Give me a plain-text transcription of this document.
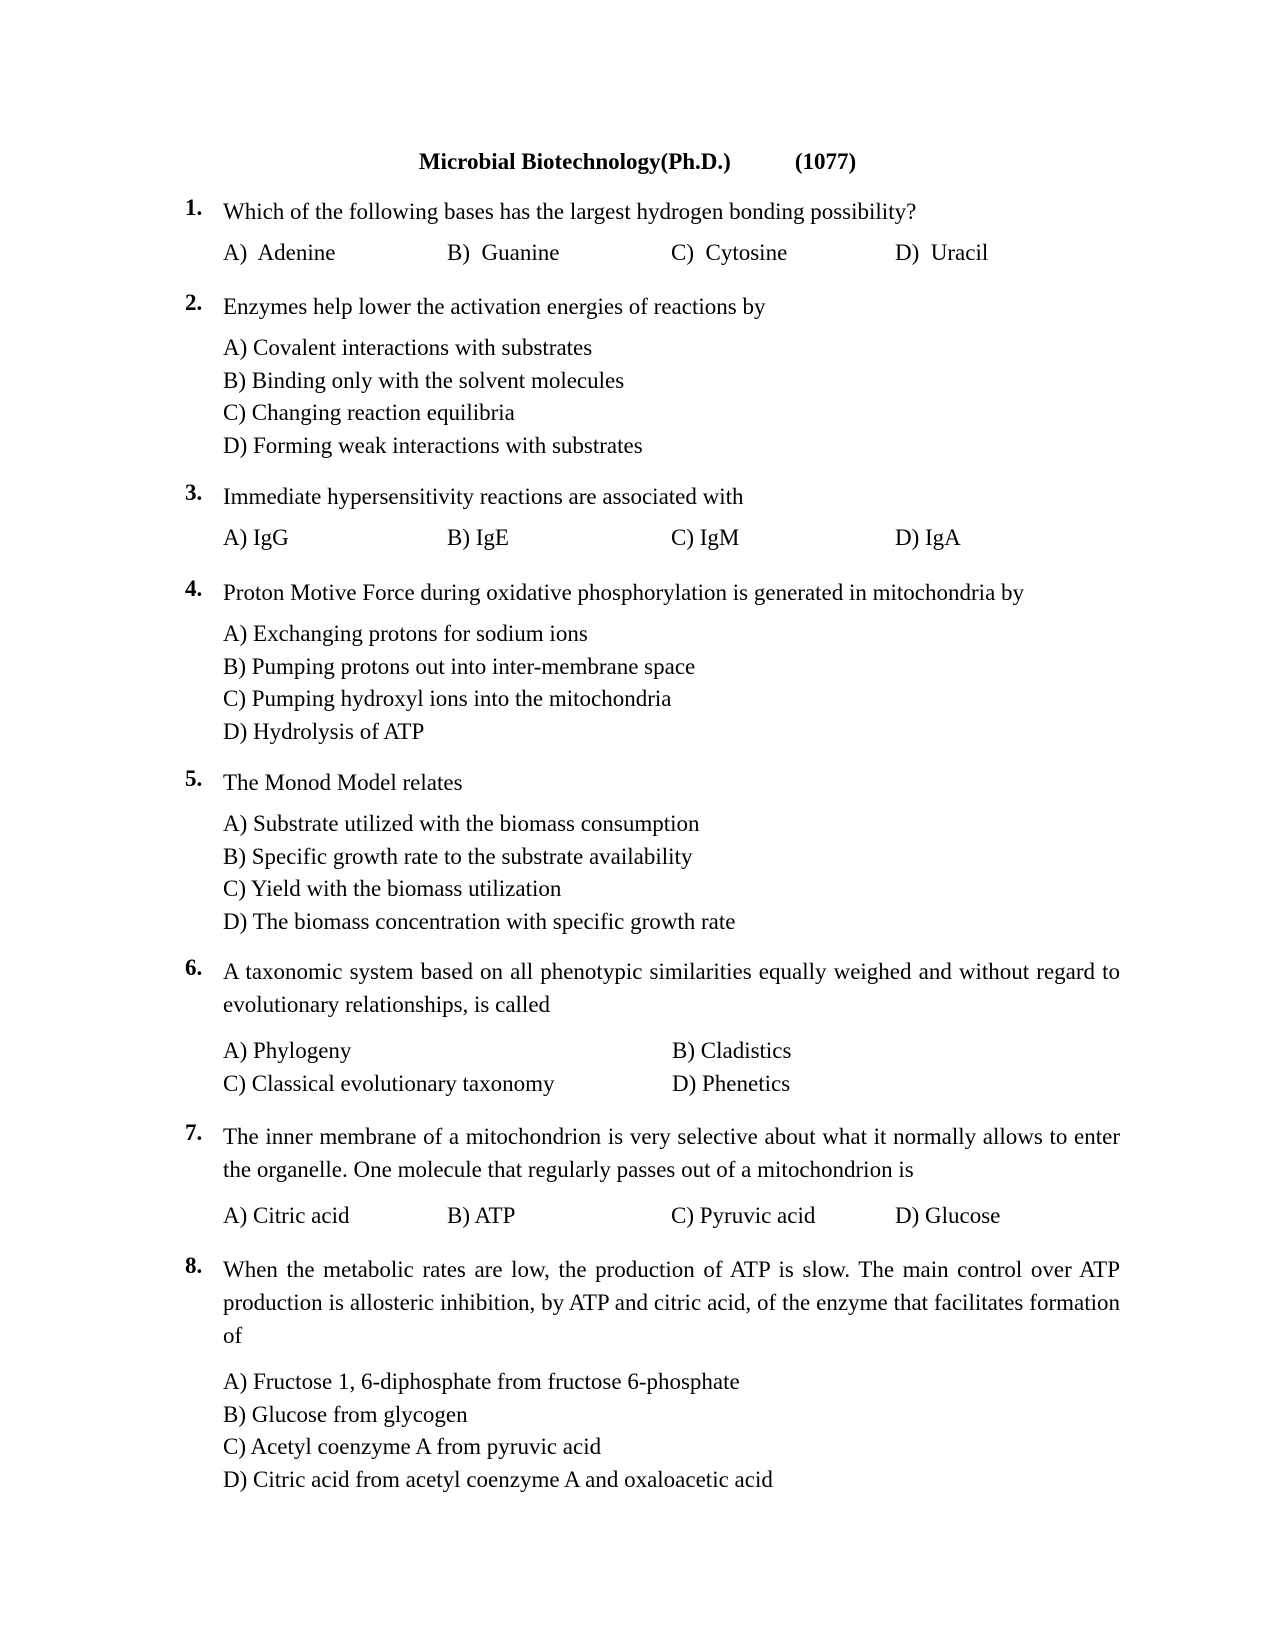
Microbial Biotechnology(Ph.D.)	(1077)
1. Which of the following bases has the largest hydrogen bonding possibility?
A)  Adenine	B)  Guanine	C)  Cytosine	D)  Uracil
2. Enzymes help lower the activation energies of reactions by
A) Covalent interactions with substrates
B) Binding only with the solvent molecules
C) Changing reaction equilibria
D) Forming weak interactions with substrates
3. Immediate hypersensitivity reactions are associated with
A) IgG	B) IgE	C) IgM	D) IgA
4. Proton Motive Force during oxidative phosphorylation is generated in mitochondria by
A) Exchanging protons for sodium ions
B) Pumping protons out into inter-membrane space
C) Pumping hydroxyl ions into the mitochondria
D) Hydrolysis of ATP
5. The Monod Model relates
A) Substrate utilized with the biomass consumption
B) Specific growth rate to the substrate availability
C) Yield with the biomass utilization
D) The biomass concentration with specific growth rate
6. A taxonomic system based on all phenotypic similarities equally weighed and without regard to evolutionary relationships, is called
A) Phylogeny	B) Cladistics
C) Classical evolutionary taxonomy	D) Phenetics
7. The inner membrane of a mitochondrion is very selective about what it normally allows to enter the organelle. One molecule that regularly passes out of a mitochondrion is
A) Citric acid	B) ATP	C) Pyruvic acid	D) Glucose
8. When the metabolic rates are low, the production of ATP is slow. The main control over ATP production is allosteric inhibition, by ATP and citric acid, of the enzyme that facilitates formation of
A) Fructose 1, 6-diphosphate from fructose 6-phosphate
B) Glucose from glycogen
C) Acetyl coenzyme A from pyruvic acid
D) Citric acid from acetyl coenzyme A and oxaloacetic acid
